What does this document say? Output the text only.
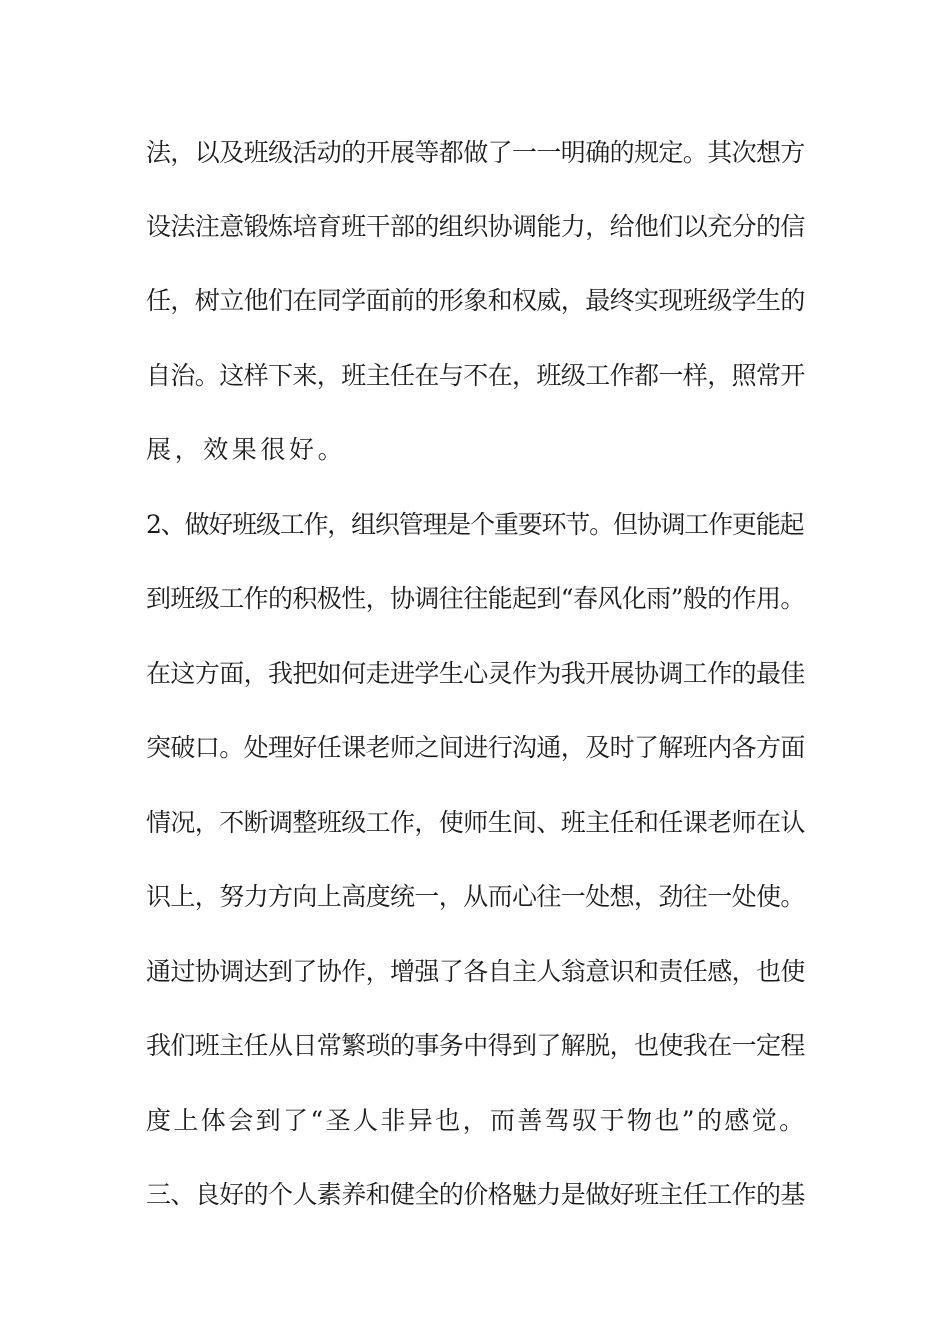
法，以及班级活动的开展等都做了一一明确的规定。其次想方
设法注意锻炼培育班干部的组织协调能力，给他们以充分的信
任，树立他们在同学面前的形象和权威，最终实现班级学生的
自治。这样下来，班主任在与不在，班级工作都一样，照常开
展，效果很好。
2、做好班级工作，组织管理是个重要环节。但协调工作更能起
到班级工作的积极性，协调往往能起到“春风化雨”般的作用。
在这方面，我把如何走进学生心灵作为我开展协调工作的最佳
突破口。处理好任课老师之间进行沟通，及时了解班内各方面
情况，不断调整班级工作，使师生间、班主任和任课老师在认
识上，努力方向上高度统一，从而心往一处想，劲往一处使。
通过协调达到了协作，增强了各自主人翁意识和责任感，也使
我们班主任从日常繁琐的事务中得到了解脱，也使我在一定程
度上体会到了“圣人非异也，而善驾驭于物也”的感觉。
三、良好的个人素养和健全的价格魅力是做好班主任工作的基
